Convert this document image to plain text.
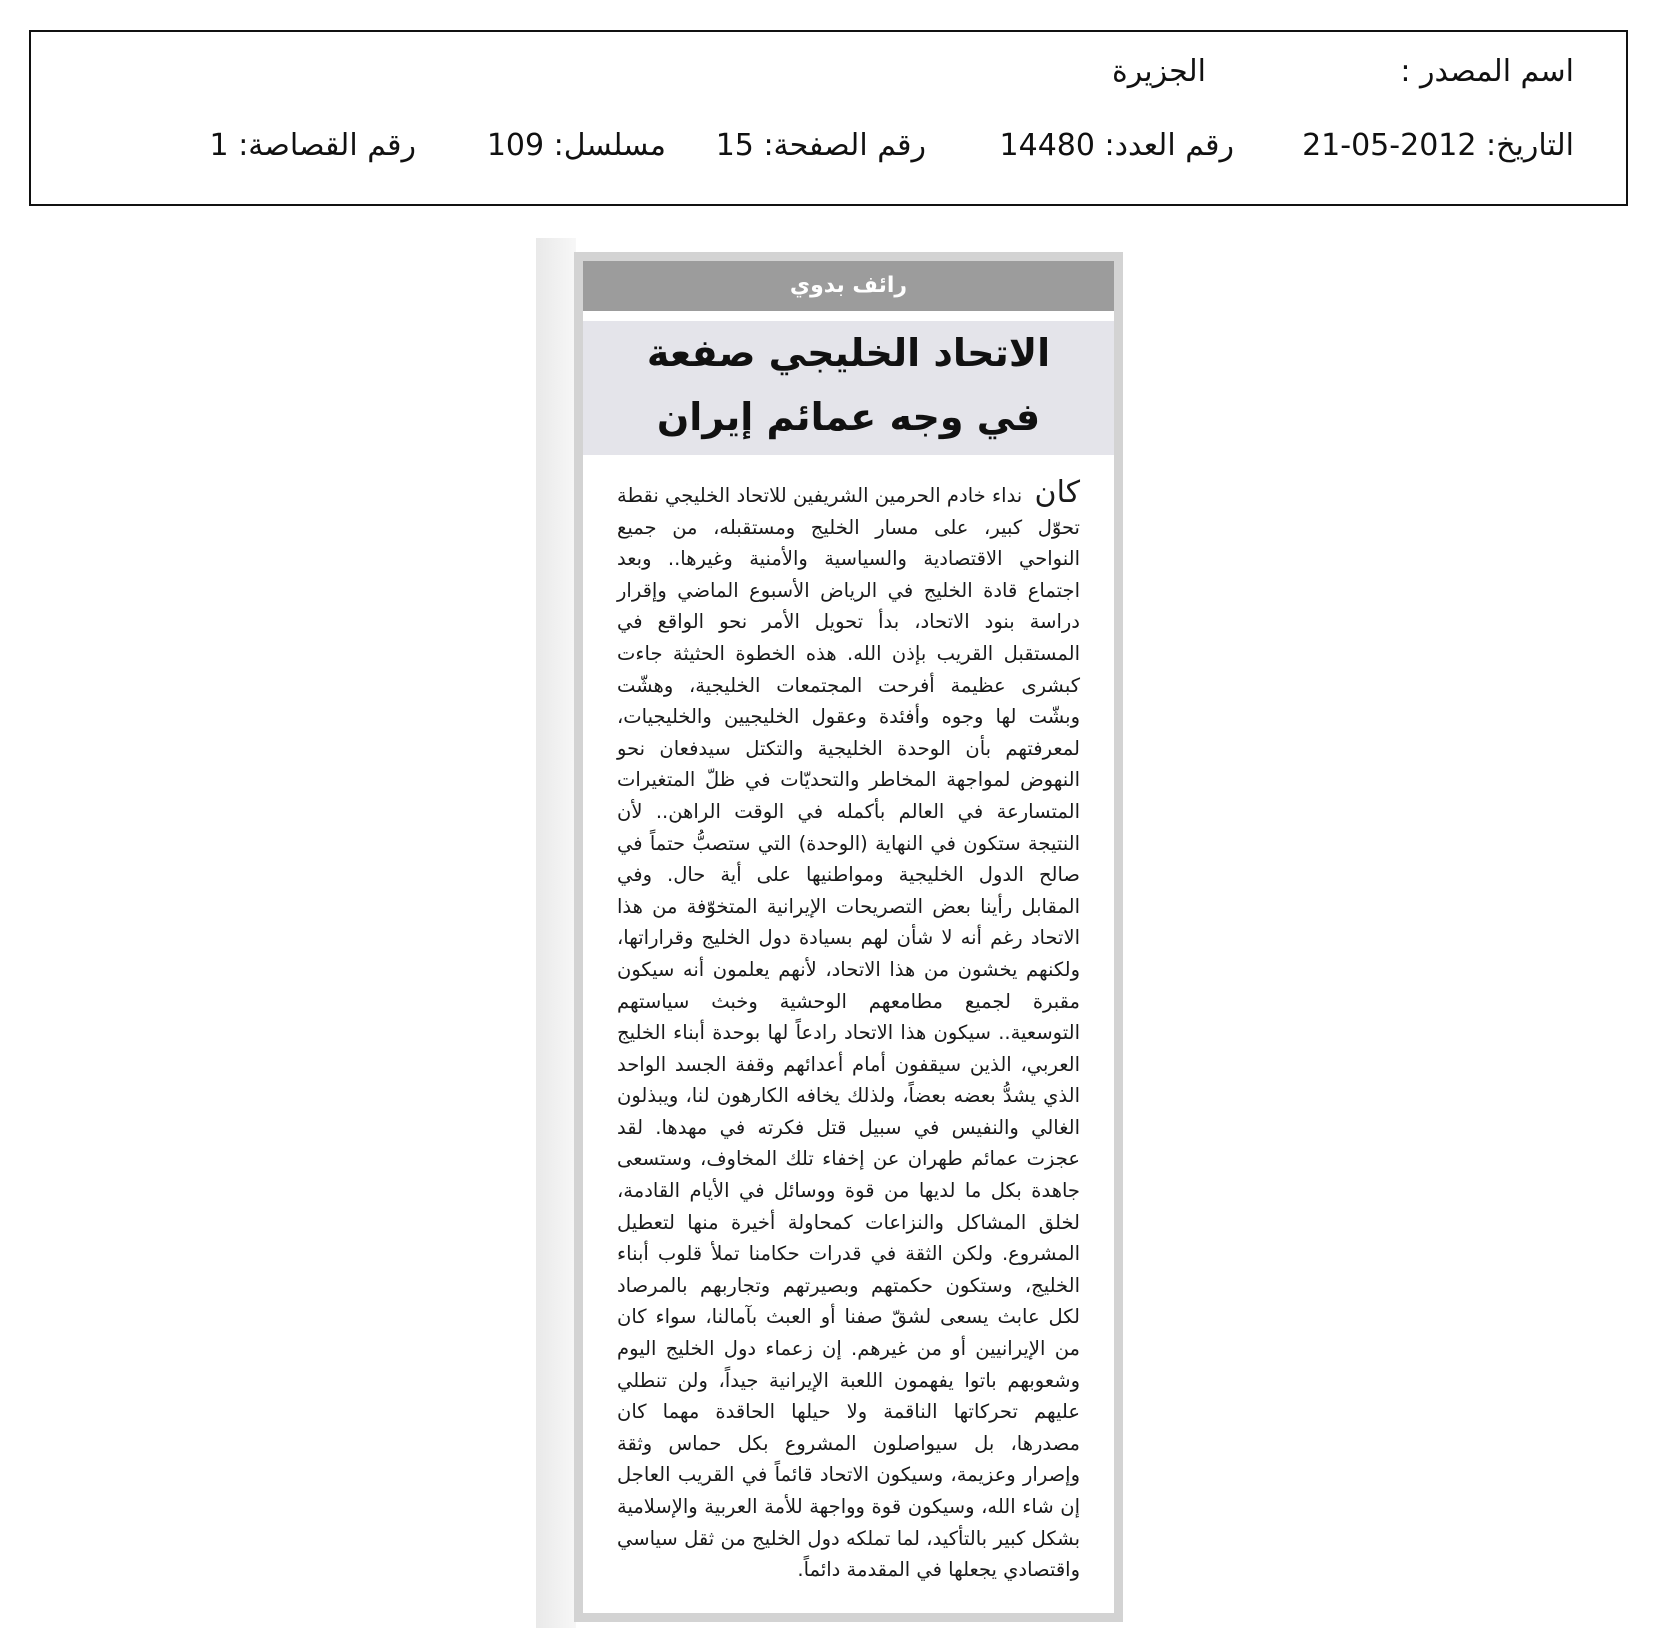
اسم المصدر :
الجزيرة
التاريخ: 2012-05-21
رقم العدد: 14480
رقم الصفحة: 15
مسلسل: 109
رقم القصاصة: 1
رائف بدوي
الاتحاد الخليجي صفعة
في وجه عمائم إيران
كان نداء خادم الحرمين الشريفين للاتحاد الخليجي نقطة تحوّل كبير، على مسار الخليج ومستقبله، من جميع النواحي الاقتصادية والسياسية والأمنية وغيرها.. وبعد اجتماع قادة الخليج في الرياض الأسبوع الماضي وإقرار دراسة بنود الاتحاد، بدأ تحويل الأمر نحو الواقع في المستقبل القريب بإذن الله. هذه الخطوة الحثيثة جاءت كبشرى عظيمة أفرحت المجتمعات الخليجية، وهشّت وبشّت لها وجوه وأفئدة وعقول الخليجيين والخليجيات، لمعرفتهم بأن الوحدة الخليجية والتكتل سيدفعان نحو النهوض لمواجهة المخاطر والتحديّات في ظلّ المتغيرات المتسارعة في العالم بأكمله في الوقت الراهن.. لأن النتيجة ستكون في النهاية (الوحدة) التي ستصبُّ حتماً في صالح الدول الخليجية ومواطنيها على أية حال. وفي المقابل رأينا بعض التصريحات الإيرانية المتخوّفة من هذا الاتحاد رغم أنه لا شأن لهم بسيادة دول الخليج وقراراتها، ولكنهم يخشون من هذا الاتحاد، لأنهم يعلمون أنه سيكون مقبرة لجميع مطامعهم الوحشية وخبث سياستهم التوسعية.. سيكون هذا الاتحاد رادعاً لها بوحدة أبناء الخليج العربي، الذين سيقفون أمام أعدائهم وقفة الجسد الواحد الذي يشدُّ بعضه بعضاً، ولذلك يخافه الكارهون لنا، ويبذلون الغالي والنفيس في سبيل قتل فكرته في مهدها. لقد عجزت عمائم طهران عن إخفاء تلك المخاوف، وستسعى جاهدة بكل ما لديها من قوة ووسائل في الأيام القادمة، لخلق المشاكل والنزاعات كمحاولة أخيرة منها لتعطيل المشروع. ولكن الثقة في قدرات حكامنا تملأ قلوب أبناء الخليج، وستكون حكمتهم وبصيرتهم وتجاربهم بالمرصاد لكل عابث يسعى لشقّ صفنا أو العبث بآمالنا، سواء كان من الإيرانيين أو من غيرهم. إن زعماء دول الخليج اليوم وشعوبهم باتوا يفهمون اللعبة الإيرانية جيداً، ولن تنطلي عليهم تحركاتها الناقمة ولا حيلها الحاقدة مهما كان مصدرها، بل سيواصلون المشروع بكل حماس وثقة وإصرار وعزيمة، وسيكون الاتحاد قائماً في القريب العاجل إن شاء الله، وسيكون قوة وواجهة للأمة العربية والإسلامية بشكل كبير بالتأكيد، لما تملكه دول الخليج من ثقل سياسي واقتصادي يجعلها في المقدمة دائماً.
